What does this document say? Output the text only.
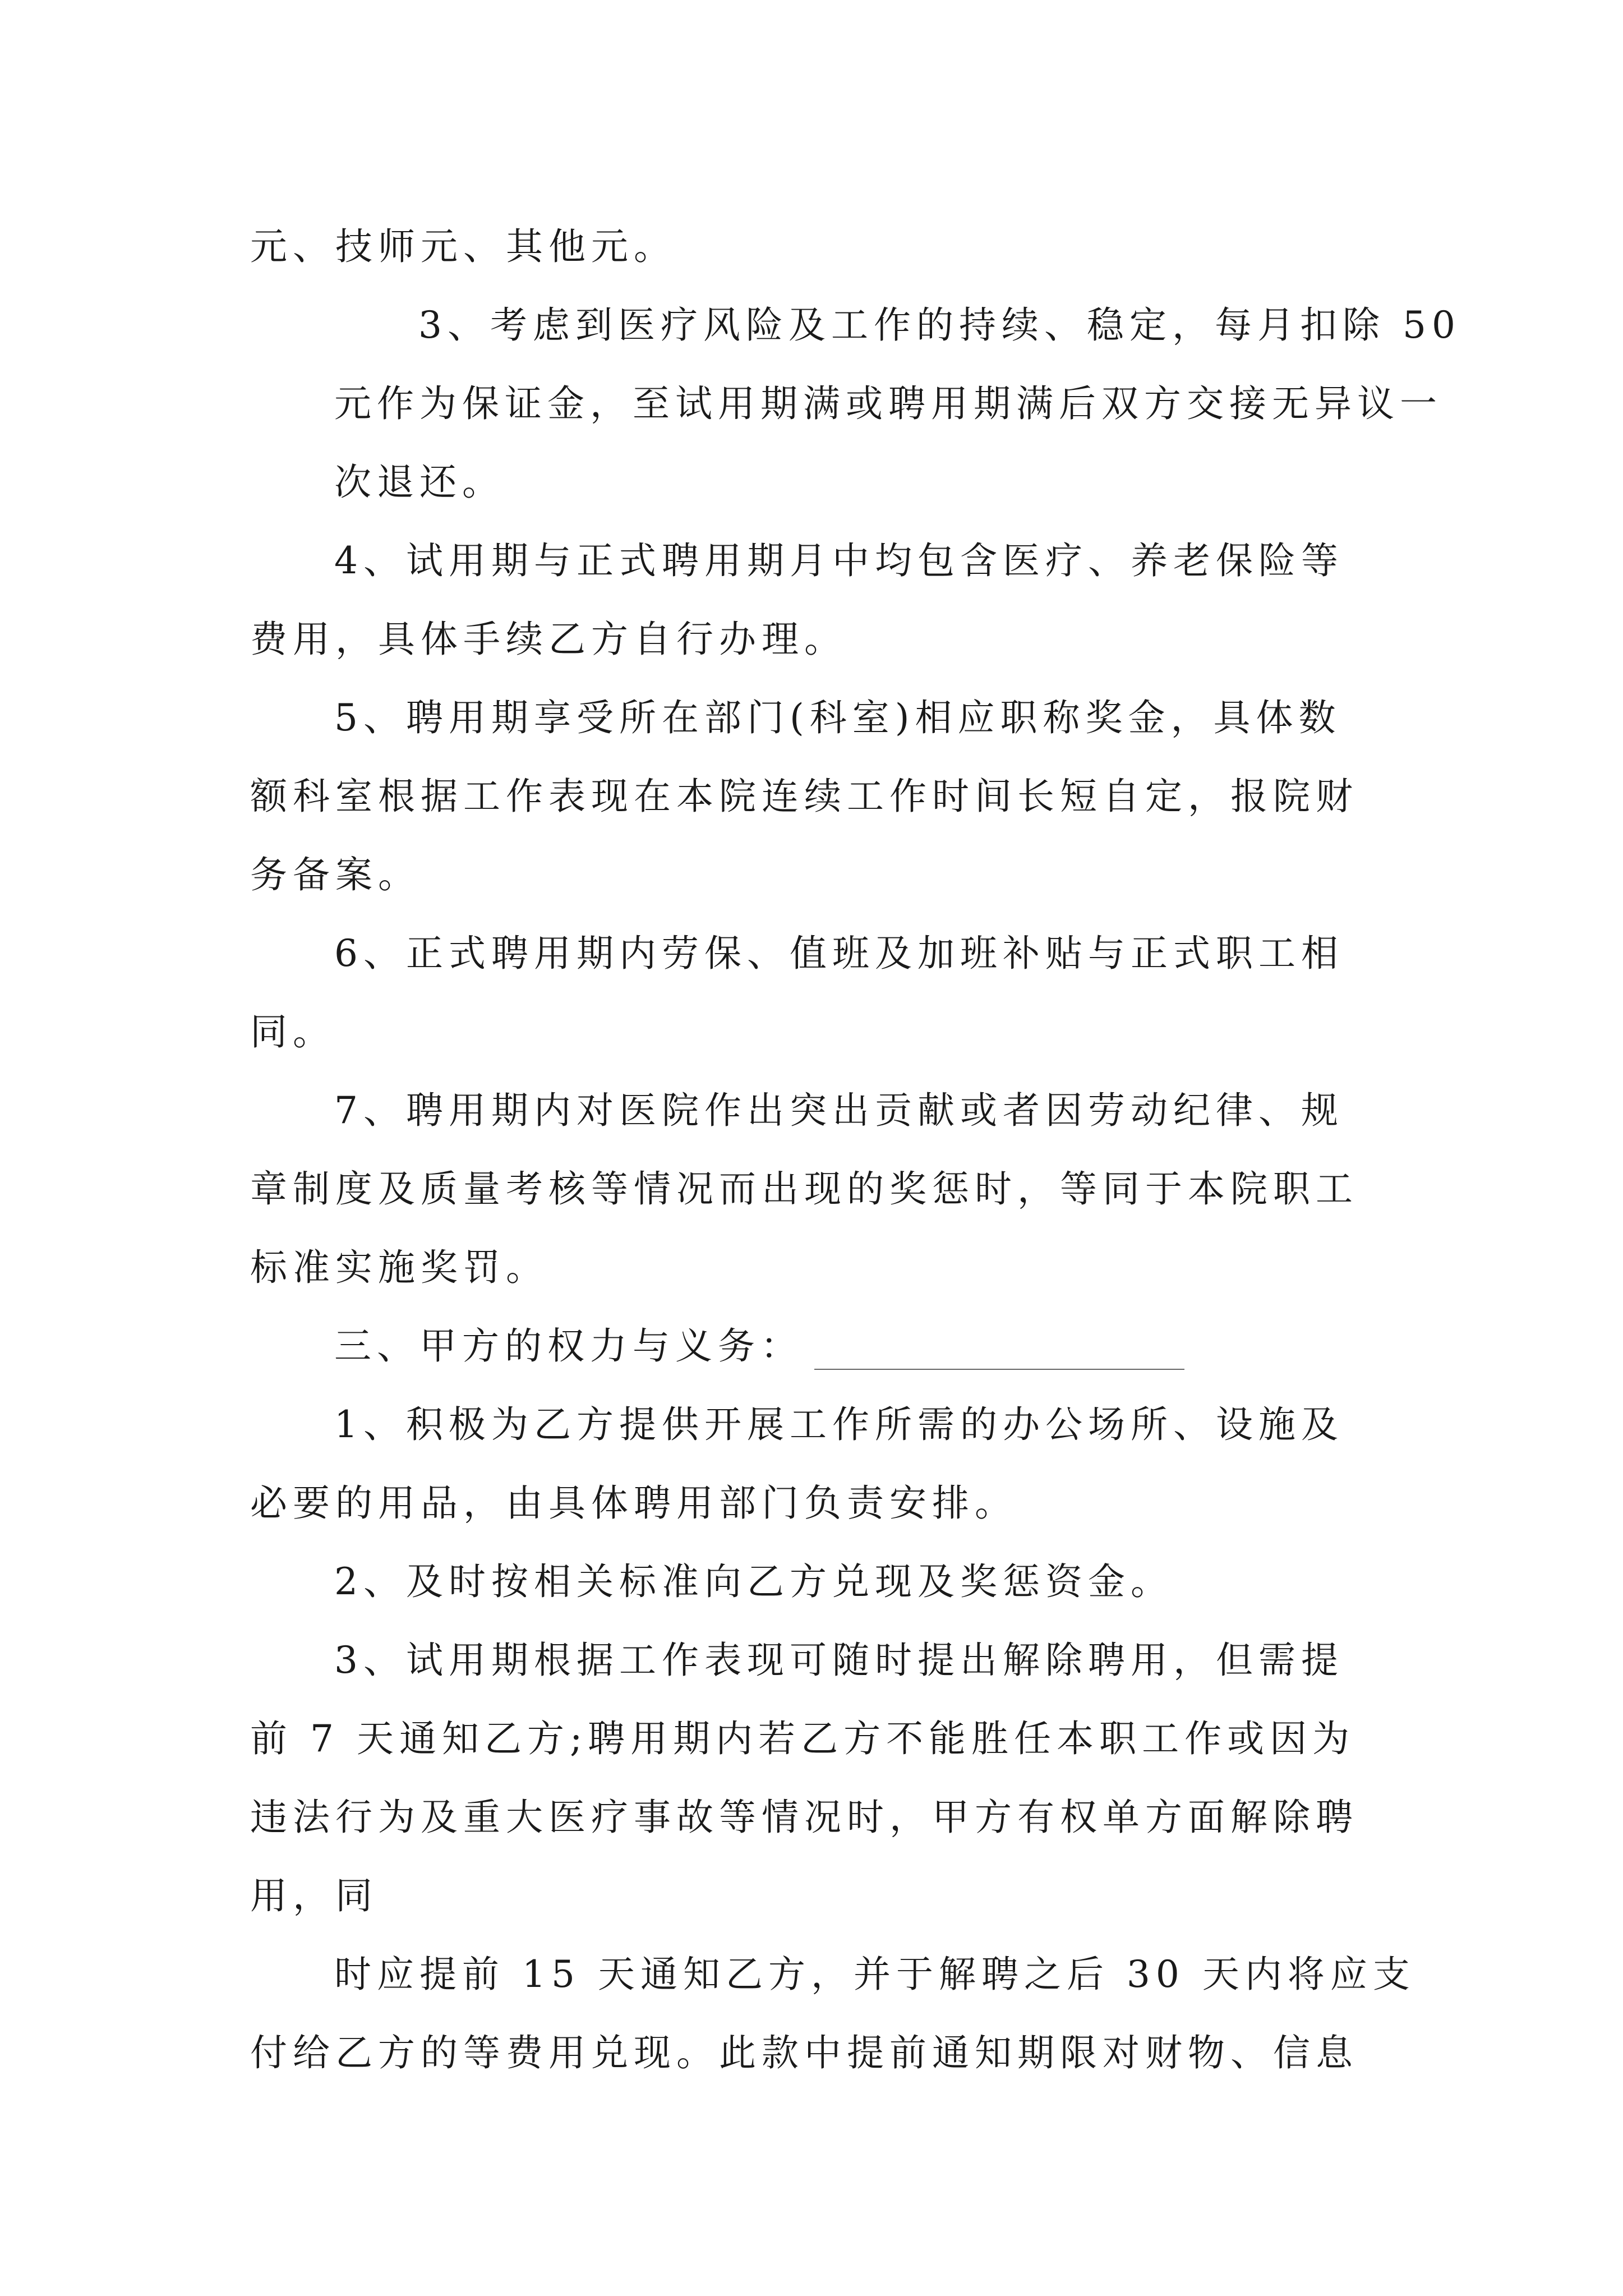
元、技师元、其他元。

3、考虑到医疗风险及工作的持续、稳定，每月扣除 50
元作为保证金，至试用期满或聘用期满后双方交接无异议一
次退还。

4、试用期与正式聘用期月中均包含医疗、养老保险等
费用，具体手续乙方自行办理。

5、聘用期享受所在部门(科室)相应职称奖金，具体数
额科室根据工作表现在本院连续工作时间长短自定，报院财
务备案。

6、正式聘用期内劳保、值班及加班补贴与正式职工相
同。

7、聘用期内对医院作出突出贡献或者因劳动纪律、规
章制度及质量考核等情况而出现的奖惩时，等同于本院职工
标准实施奖罚。

三、甲方的权力与义务：

1、积极为乙方提供开展工作所需的办公场所、设施及
必要的用品，由具体聘用部门负责安排。

2、及时按相关标准向乙方兑现及奖惩资金。

3、试用期根据工作表现可随时提出解除聘用，但需提
前 7 天通知乙方;聘用期内若乙方不能胜任本职工作或因为
违法行为及重大医疗事故等情况时，甲方有权单方面解除聘
用，同

时应提前 15 天通知乙方，并于解聘之后 30 天内将应支
付给乙方的等费用兑现。此款中提前通知期限对财物、信息
